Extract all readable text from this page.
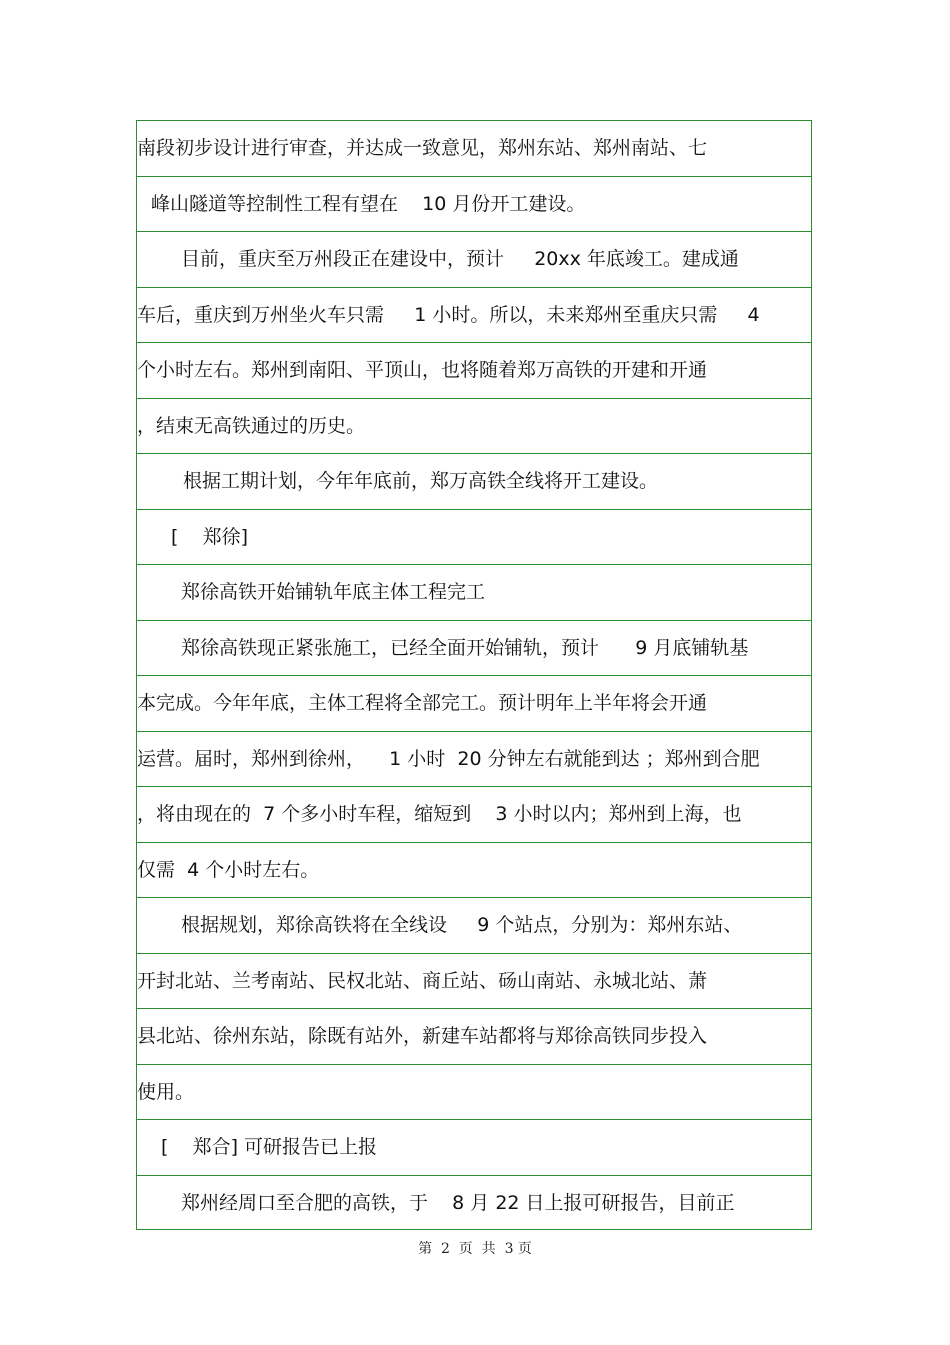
南段初步设计进行审查，并达成一致意见，郑州东站、郑州南站、七
峰山隧道等控制性工程有望在    10 月份开工建设。
目前，重庆至万州段正在建设中，预计     20xx 年底竣工。建成通
车后，重庆到万州坐火车只需     1 小时。所以，未来郑州至重庆只需     4
个小时左右。郑州到南阳、平顶山，也将随着郑万高铁的开建和开通
，结束无高铁通过的历史。
根据工期计划，今年年底前，郑万高铁全线将开工建设。
[    郑徐]
郑徐高铁开始铺轨年底主体工程完工
郑徐高铁现正紧张施工，已经全面开始铺轨，预计      9 月底铺轨基
本完成。今年年底，主体工程将全部完工。预计明年上半年将会开通
运营。届时，郑州到徐州，    1 小时  20 分钟左右就能到达 ；郑州到合肥
，将由现在的  7 个多小时车程，缩短到    3 小时以内；郑州到上海，也
仅需  4 个小时左右。
根据规划，郑徐高铁将在全线设     9 个站点，分别为：郑州东站、
开封北站、兰考南站、民权北站、商丘站、砀山南站、永城北站、萧
县北站、徐州东站，除既有站外，新建车站都将与郑徐高铁同步投入
使用。
[    郑合] 可研报告已上报
郑州经周口至合肥的高铁，于    8 月 22 日上报可研报告，目前正
第  2  页  共  3 页
